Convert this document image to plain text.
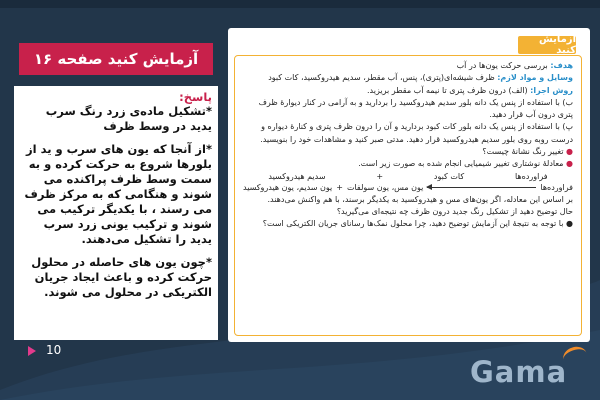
آزمایش کنید صفحه ۱۶
پاسخ:

*تشکیل ماده‌ی زرد رنگ سرب یدید در وسط ظرف

*از آنجا که یون های سرب و ید از بلورها شروع به حرکت کرده و به سمت وسط ظرف پراکنده می شوند و هنگامی که به مرکز ظرف می رسند ، با یکدیگر ترکیب می شوند و ترکیب یونی زرد سرب یدید را تشکیل می‌دهند.

*چون یون های حاصله در محلول حرکت کرده و باعث ایجاد جریان الکتریکی در محلول می شوند.

10
آزمایش کنید

هدف: بررسی حرکت یون‌ها در آب

وسایل و مواد لازم: ظرف شیشه‌ای(پتری)، پنس، آب مقطر، سدیم هیدروکسید، کات کبود

روش اجرا: (الف) درون ظرف پتری تا نیمه آب مقطر بریزید.

ب) با استفاده از پنس یک دانه بلور سدیم هیدروکسید را بردارید و به آرامی در کنار دیوارهٔ ظرف پتری درون آب قرار دهید.

پ) با استفاده از پنس یک دانه بلور کات کبود بردارید و آن را درون ظرف پتری و کنارهٔ دیواره و درست روبه روی بلور سدیم هیدروکسید قرار دهید. مدتی صبر کنید و مشاهدات خود را بنویسید.

● تغییر رنگ نشانهٔ چیست؟

● معادلهٔ نوشتاری تغییر شیمیایی انجام شده به صورت زیر است.

فراورده‌ها
کات کبود
+
سدیم هیدروکسید
فراورده‌ها
یون مس، یون سولفات
+
یون سدیم، یون هیدروکسید

بر اساس این معادله، اگر یون‌های مس و هیدروکسید به یکدیگر برسند، با هم واکنش می‌دهند.

حال توضیح دهید از تشکیل رنگ جدید درون ظرف چه نتیجه‌ای می‌گیرید؟

● با توجه به نتیجهٔ این آزمایش توضیح دهید، چرا محلول نمک‌ها رسانای جریان الکتریکی است؟

Gama
